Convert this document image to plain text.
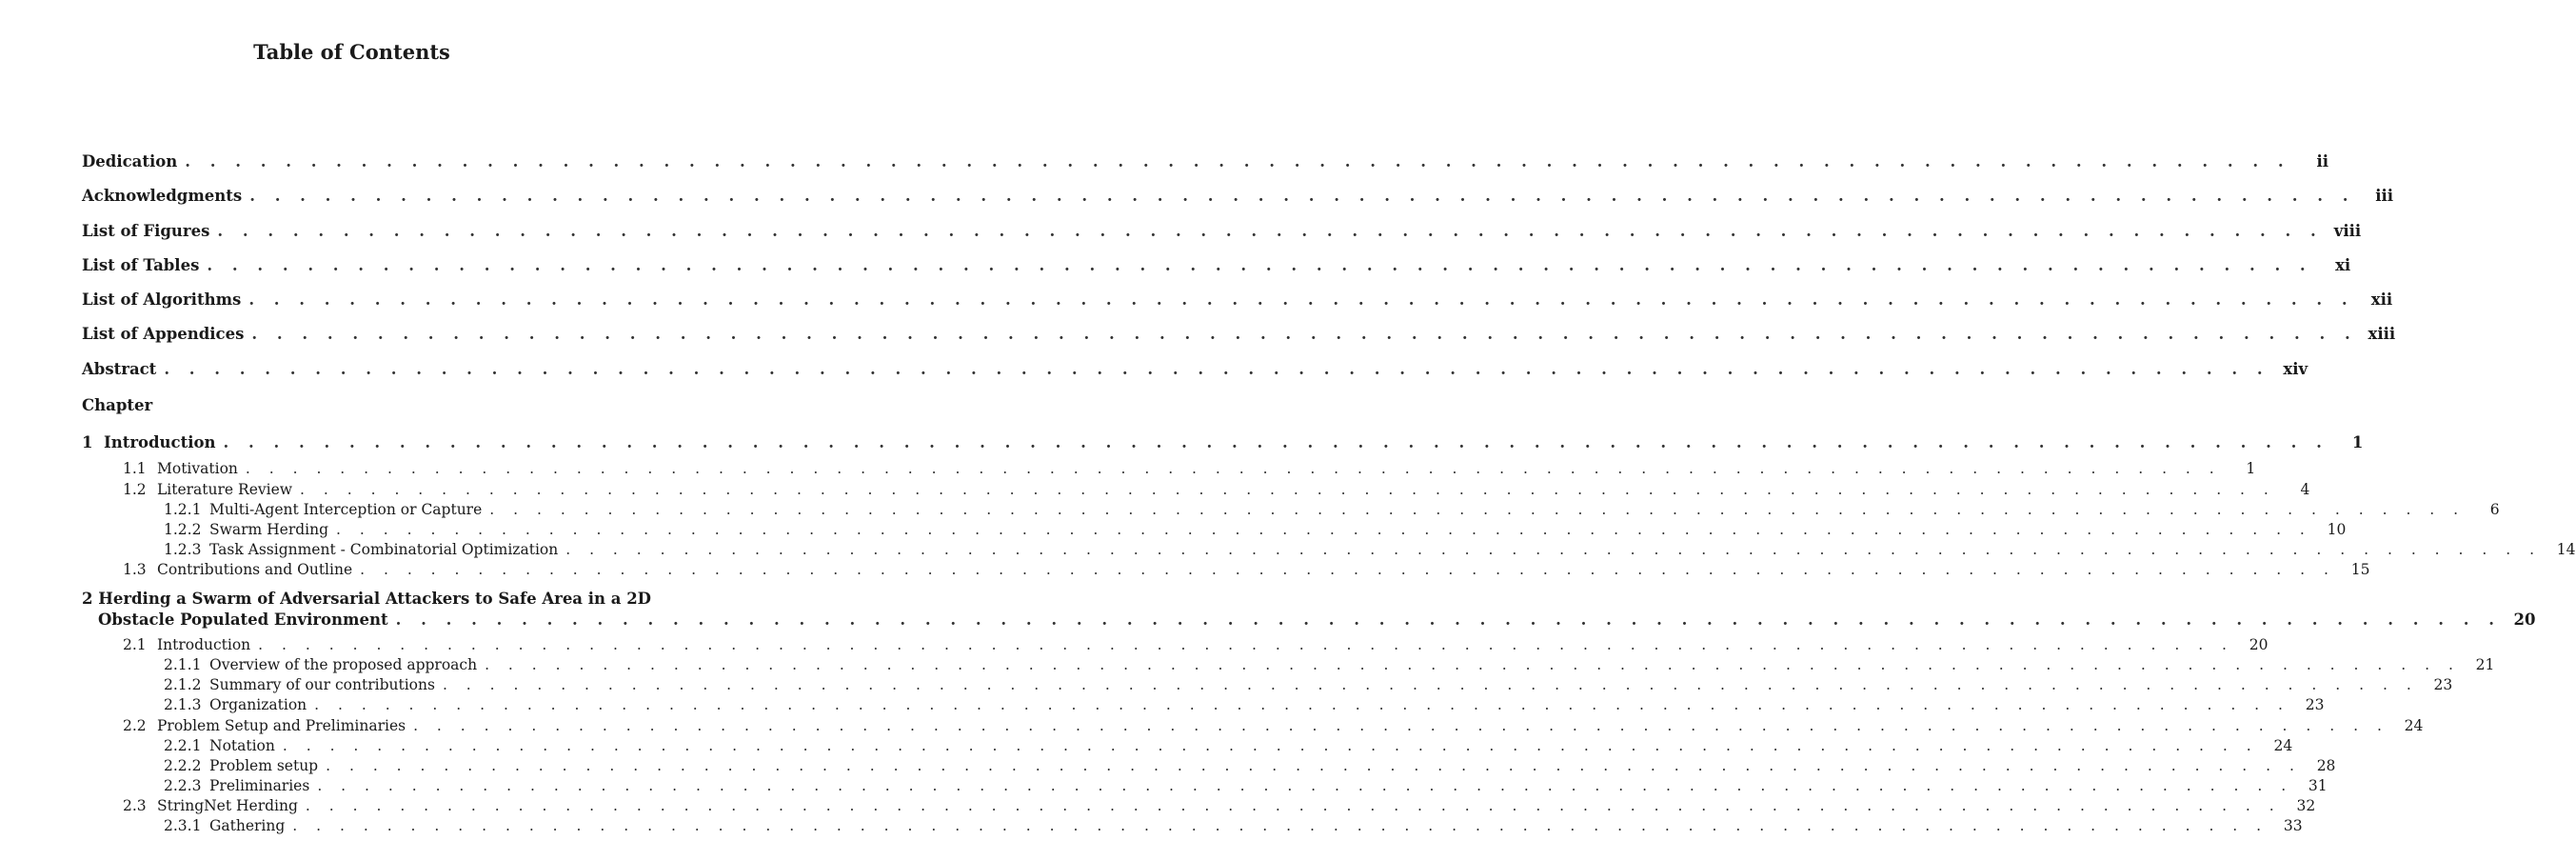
Table of Contents
Dedication . . . . . . . . . . . . . . . . . . . . . . . . . . . . . . . . . . . . . . . . . . . . . . . . . . . . . . . . . . . . . . . . . . . . . . . . . . . . . . . . . . . .	ii
Acknowledgments . . . . . . . . . . . . . . . . . . . . . . . . . . . . . . . . . . . . . . . . . . . . . . . . . . . . . . . . . . . . . . . . . . . . . . . . . . . . . . . . . . . .	iii
List of Figures . . . . . . . . . . . . . . . . . . . . . . . . . . . . . . . . . . . . . . . . . . . . . . . . . . . . . . . . . . . . . . . . . . . . . . . . . . . . . . . . . . . . viii
List of Tables . . . . . . . . . . . . . . . . . . . . . . . . . . . . . . . . . . . . . . . . . . . . . . . . . . . . . . . . . . . . . . . . . . . . . . . . . . . . . . . . . . . .	xi
List of Algorithms . . . . . . . . . . . . . . . . . . . . . . . . . . . . . . . . . . . . . . . . . . . . . . . . . . . . . . . . . . . . . . . . . . . . . . . . . . . . . . . . . . . .	xii
List of Appendices . . . . . . . . . . . . . . . . . . . . . . . . . . . . . . . . . . . . . . . . . . . . . . . . . . . . . . . . . . . . . . . . . . . . . . . . . . . . . . . . . . . . xiii
Abstract . . . . . . . . . . . . . . . . . . . . . . . . . . . . . . . . . . . . . . . . . . . . . . . . . . . . . . . . . . . . . . . . . . . . . . . . . . . . . . . . . . . . xiv
Chapter
1 Introduction . . . . . . . . . . . . . . . . . . . . . . . . . . . . . . . . . . . . . . . . . . . . . . . . . . . . . . . . . . . . . . . . . . . . . . . . . . . . . . . . . . . .	1
1.1 Motivation . . . . . . . . . . . . . . . . . . . . . . . . . . . . . . . . . . . . . . . . . . . . . . . . . . . . . . . . . . . . . . . . . . . . . . . . . . . . . . . . . . . .	1
1.2 Literature Review . . . . . . . . . . . . . . . . . . . . . . . . . . . . . . . . . . . . . . . . . . . . . . . . . . . . . . . . . . . . . . . . . . . . . . . . . . . . . . . . . . . .	4
1.2.1 Multi-Agent Interception or Capture . . . . . . . . . . . . . . . . . . . . . . . . . . . . . . . . . . . . . . . . . . . . . . . . . . . . . . . . . . . . . . . . . . . . . . . . . . . . . . . . . . . .	6
1.2.2 Swarm Herding . . . . . . . . . . . . . . . . . . . . . . . . . . . . . . . . . . . . . . . . . . . . . . . . . . . . . . . . . . . . . . . . . . . . . . . . . . . . . . . . . . . .	10
1.2.3 Task Assignment - Combinatorial Optimization . . . . . . . . . . . . . . . . . . . . . . . . . . . . . . . . . . . . . . . . . . . . . . . . . . . . . . . . . . . . . . . . . . . . . . . . . . . . . . . . . . . .	14
1.3 Contributions and Outline . . . . . . . . . . . . . . . . . . . . . . . . . . . . . . . . . . . . . . . . . . . . . . . . . . . . . . . . . . . . . . . . . . . . . . . . . . . . . . . . . . . .	15
2 Herding a Swarm of Adversarial Attackers to Safe Area in a 2D
Obstacle Populated Environment . . . . . . . . . . . . . . . . . . . . . . . . . . . . . . . . . . . . . . . . . . . . . . . . . . . . . . . . . . . . . . . . . . . . . . . . . . . . . . . . . . . . 20
2.1 Introduction . . . . . . . . . . . . . . . . . . . . . . . . . . . . . . . . . . . . . . . . . . . . . . . . . . . . . . . . . . . . . . . . . . . . . . . . . . . . . . . . . . . .	20
2.1.1 Overview of the proposed approach . . . . . . . . . . . . . . . . . . . . . . . . . . . . . . . . . . . . . . . . . . . . . . . . . . . . . . . . . . . . . . . . . . . . . . . . . . . . . . . . . . . .	21
2.1.2 Summary of our contributions . . . . . . . . . . . . . . . . . . . . . . . . . . . . . . . . . . . . . . . . . . . . . . . . . . . . . . . . . . . . . . . . . . . . . . . . . . . . . . . . . . . .	23
2.1.3 Organization . . . . . . . . . . . . . . . . . . . . . . . . . . . . . . . . . . . . . . . . . . . . . . . . . . . . . . . . . . . . . . . . . . . . . . . . . . . . . . . . . . . .	23
2.2 Problem Setup and Preliminaries . . . . . . . . . . . . . . . . . . . . . . . . . . . . . . . . . . . . . . . . . . . . . . . . . . . . . . . . . . . . . . . . . . . . . . . . . . . . . . . . . . . .	24
2.2.1 Notation . . . . . . . . . . . . . . . . . . . . . . . . . . . . . . . . . . . . . . . . . . . . . . . . . . . . . . . . . . . . . . . . . . . . . . . . . . . . . . . . . . . .	24
2.2.2 Problem setup . . . . . . . . . . . . . . . . . . . . . . . . . . . . . . . . . . . . . . . . . . . . . . . . . . . . . . . . . . . . . . . . . . . . . . . . . . . . . . . . . . . .	28
2.2.3 Preliminaries . . . . . . . . . . . . . . . . . . . . . . . . . . . . . . . . . . . . . . . . . . . . . . . . . . . . . . . . . . . . . . . . . . . . . . . . . . . . . . . . . . . .	31
2.3 StringNet Herding . . . . . . . . . . . . . . . . . . . . . . . . . . . . . . . . . . . . . . . . . . . . . . . . . . . . . . . . . . . . . . . . . . . . . . . . . . . . . . . . . . . .	32
2.3.1 Gathering . . . . . . . . . . . . . . . . . . . . . . . . . . . . . . . . . . . . . . . . . . . . . . . . . . . . . . . . . . . . . . . . . . . . . . . . . . . . . . . . . . . .	33
